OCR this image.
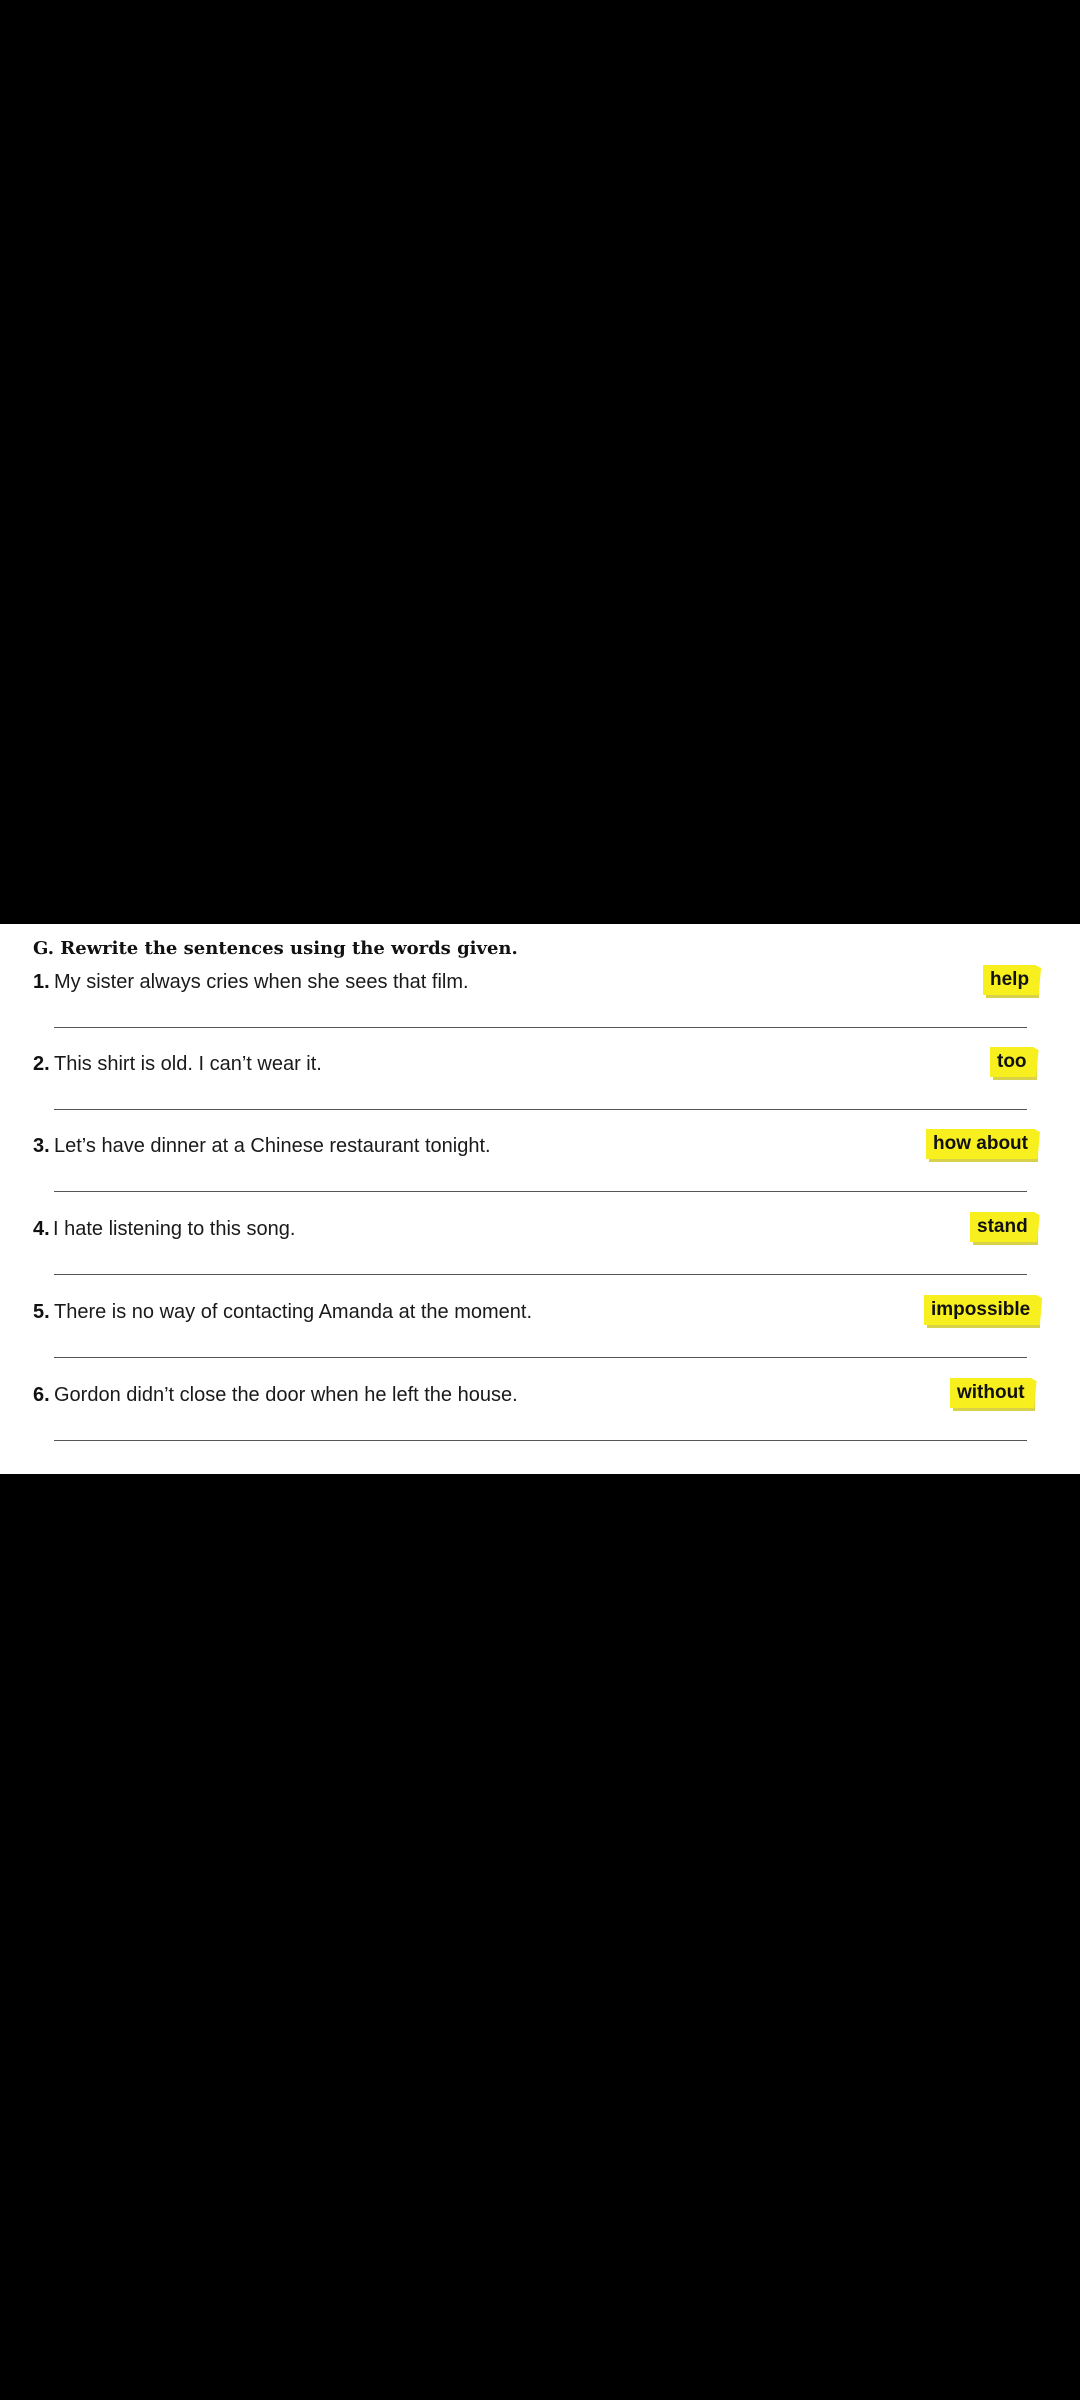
G. Rewrite the sentences using the words given.
1. My sister always cries when she sees that film.	help
2. This shirt is old. I can’t wear it.	too
3. Let’s have dinner at a Chinese restaurant tonight.	how about
4. I hate listening to this song.	stand
5. There is no way of contacting Amanda at the moment.	impossible
6. Gordon didn’t close the door when he left the house.	without
